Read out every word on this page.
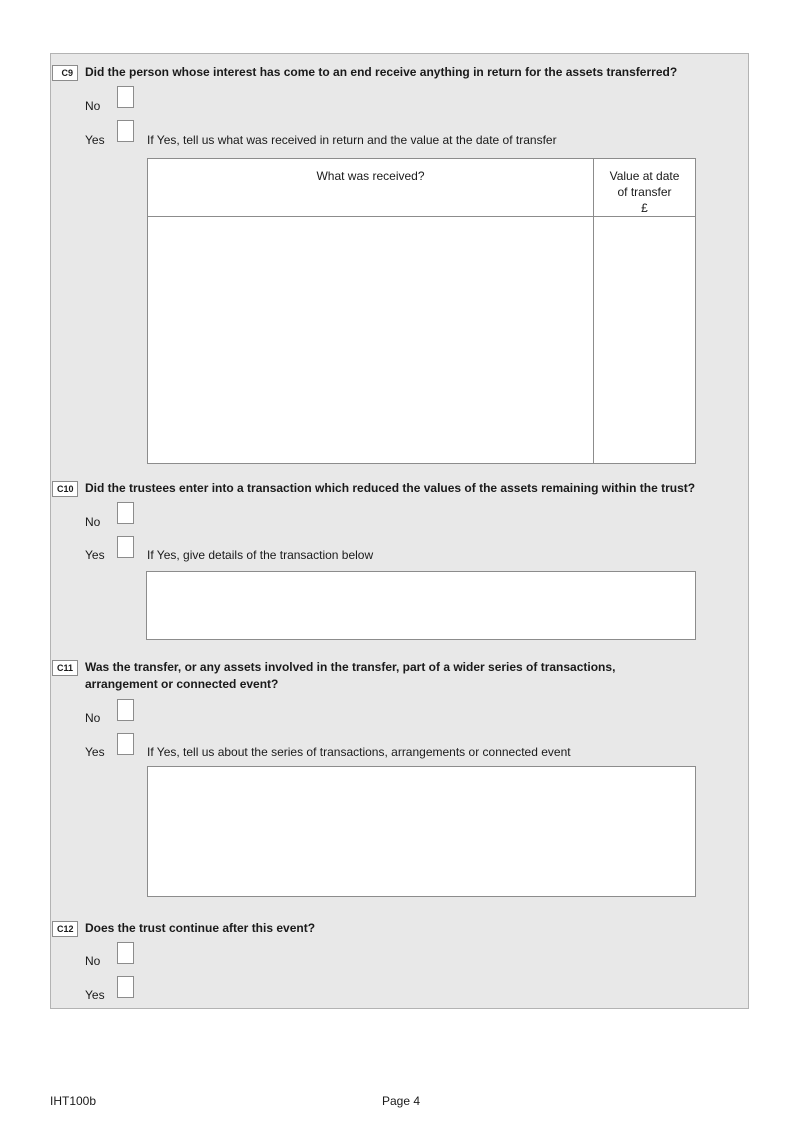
C9	Did the person whose interest has come to an end receive anything in return for the assets transferred?
No
Yes	If Yes, tell us what was received in return and the value at the date of transfer
What was received?	Value at date
of transfer
£
C10 Did the trustees enter into a transaction which reduced the values of the assets remaining within the trust?
No
Yes	If Yes, give details of the transaction below
C11 Was the transfer, or any assets involved in the transfer, part of a wider series of transactions,
arrangement or connected event?
No
Yes	If Yes, tell us about the series of transactions, arrangements or connected event
C12 Does the trust continue after this event?
No
Yes
IHT100b	Page 4
